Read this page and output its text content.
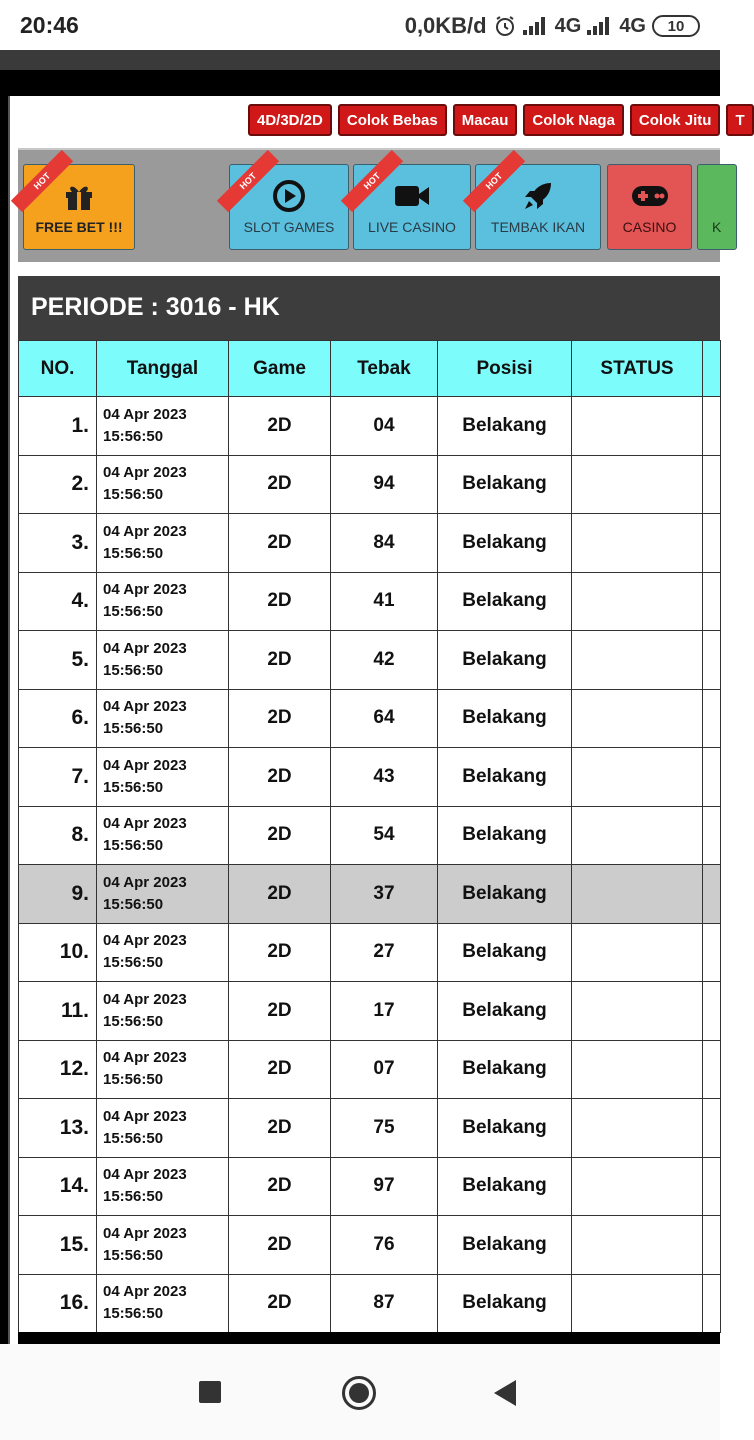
20:46	0,0KB/d	4G 4G	10
4D/3D/2D	Colok Bebas	Macau	Colok Naga	Colok Jitu	T
HOT
FREE BET !!!
HOT
SLOT GAMES
HOT
LIVE CASINO
HOT
TEMBAK IKAN	CASINO	K
PERIODE : 3016 - HK
NO.	Tanggal	Game	Tebak	Posisi	STATUS	
1.	04 Apr 2023
15:56:50	2D	04	Belakang		
2.	04 Apr 2023
15:56:50	2D	94	Belakang		
3.	04 Apr 2023
15:56:50	2D	84	Belakang		
4.	04 Apr 2023
15:56:50	2D	41	Belakang		
5.	04 Apr 2023
15:56:50	2D	42	Belakang		
6.	04 Apr 2023
15:56:50	2D	64	Belakang		
7.	04 Apr 2023
15:56:50	2D	43	Belakang		
8.	04 Apr 2023
15:56:50	2D	54	Belakang		
9.	04 Apr 2023
15:56:50	2D	37	Belakang		
10.	04 Apr 2023
15:56:50	2D	27	Belakang		
11.	04 Apr 2023
15:56:50	2D	17	Belakang		
12.	04 Apr 2023
15:56:50	2D	07	Belakang		
13.	04 Apr 2023
15:56:50	2D	75	Belakang		
14.	04 Apr 2023
15:56:50	2D	97	Belakang		
15.	04 Apr 2023
15:56:50	2D	76	Belakang		
16.	04 Apr 2023
15:56:50	2D	87	Belakang		
